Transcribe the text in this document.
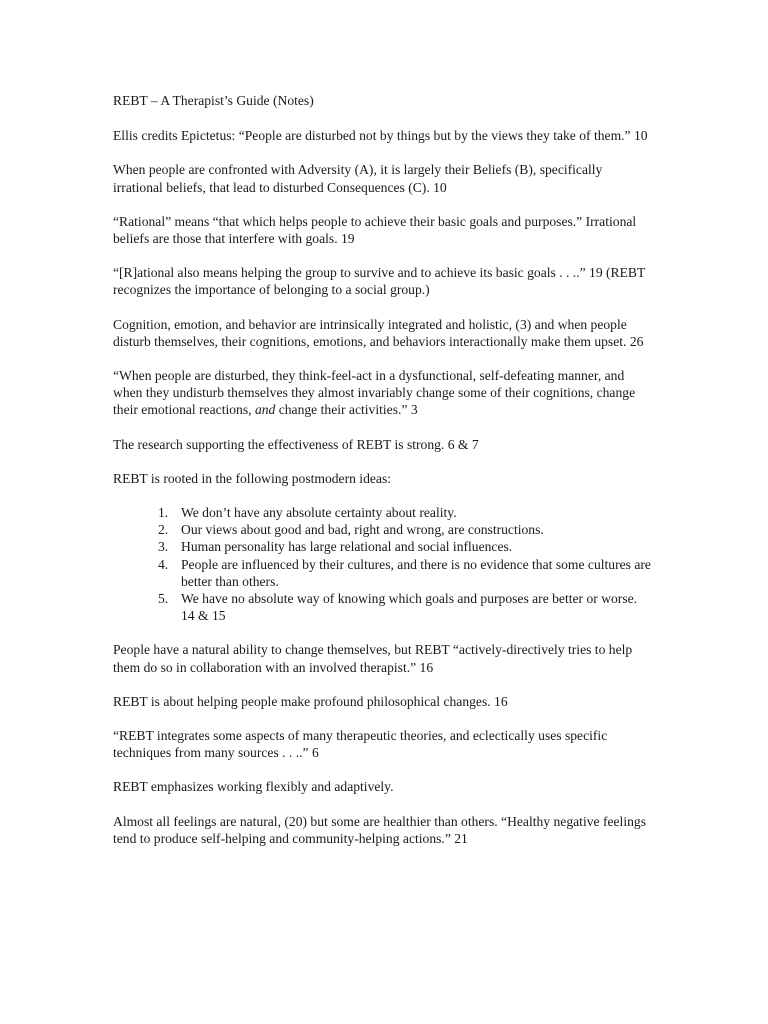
REBT – A Therapist’s Guide (Notes)

Ellis credits Epictetus: “People are disturbed not by things but by the views they take of them.” 10

When people are confronted with Adversity (A), it is largely their Beliefs (B), specifically irrational beliefs, that lead to disturbed Consequences (C). 10

“Rational” means “that which helps people to achieve their basic goals and purposes.” Irrational beliefs are those that interfere with goals. 19

“[R]ational also means helping the group to survive and to achieve its basic goals . . ..” 19 (REBT recognizes the importance of belonging to a social group.)

Cognition, emotion, and behavior are intrinsically integrated and holistic, (3) and when people disturb themselves, their cognitions, emotions, and behaviors interactionally make them upset. 26

“When people are disturbed, they think-feel-act in a dysfunctional, self-defeating manner, and when they undisturb themselves they almost invariably change some of their cognitions, change their emotional reactions, and change their activities.” 3

The research supporting the effectiveness of REBT is strong. 6 & 7

REBT is rooted in the following postmodern ideas:

1. We don’t have any absolute certainty about reality.
2. Our views about good and bad, right and wrong, are constructions.
3. Human personality has large relational and social influences.
4. People are influenced by their cultures, and there is no evidence that some cultures are better than others.
5. We have no absolute way of knowing which goals and purposes are better or worse. 14 & 15

People have a natural ability to change themselves, but REBT “actively-directively tries to help them do so in collaboration with an involved therapist.” 16

REBT is about helping people make profound philosophical changes. 16

“REBT integrates some aspects of many therapeutic theories, and eclectically uses specific techniques from many sources . . ..” 6

REBT emphasizes working flexibly and adaptively.

Almost all feelings are natural, (20) but some are healthier than others. “Healthy negative feelings tend to produce self-helping and community-helping actions.” 21
